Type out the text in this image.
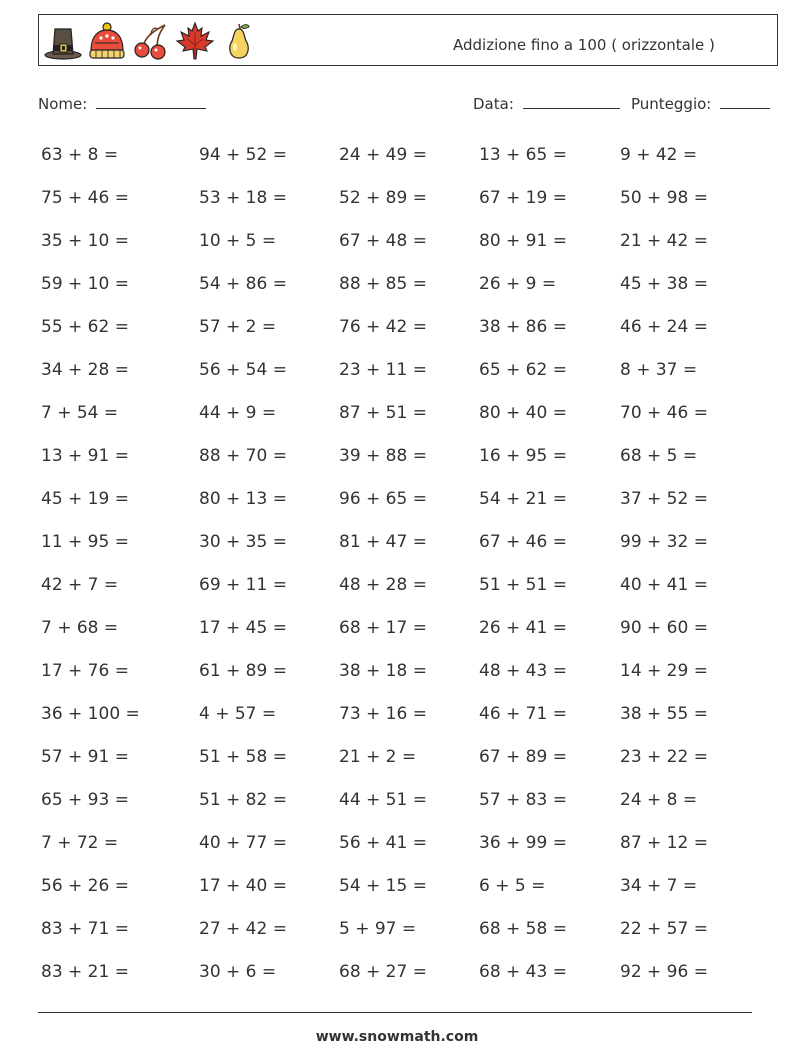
Addizione fino a 100 ( orizzontale )
Nome:	Data:	Punteggio:
63 + 8 =	94 + 52 =	24 + 49 =	13 + 65 =	9 + 42 =
75 + 46 =	53 + 18 =	52 + 89 =	67 + 19 =	50 + 98 =
35 + 10 =	10 + 5 =	67 + 48 =	80 + 91 =	21 + 42 =
59 + 10 =	54 + 86 =	88 + 85 =	26 + 9 =	45 + 38 =
55 + 62 =	57 + 2 =	76 + 42 =	38 + 86 =	46 + 24 =
34 + 28 =	56 + 54 =	23 + 11 =	65 + 62 =	8 + 37 =
7 + 54 =	44 + 9 =	87 + 51 =	80 + 40 =	70 + 46 =
13 + 91 =	88 + 70 =	39 + 88 =	16 + 95 =	68 + 5 =
45 + 19 =	80 + 13 =	96 + 65 =	54 + 21 =	37 + 52 =
11 + 95 =	30 + 35 =	81 + 47 =	67 + 46 =	99 + 32 =
42 + 7 =	69 + 11 =	48 + 28 =	51 + 51 =	40 + 41 =
7 + 68 =	17 + 45 =	68 + 17 =	26 + 41 =	90 + 60 =
17 + 76 =	61 + 89 =	38 + 18 =	48 + 43 =	14 + 29 =
36 + 100 =	4 + 57 =	73 + 16 =	46 + 71 =	38 + 55 =
57 + 91 =	51 + 58 =	21 + 2 =	67 + 89 =	23 + 22 =
65 + 93 =	51 + 82 =	44 + 51 =	57 + 83 =	24 + 8 =
7 + 72 =	40 + 77 =	56 + 41 =	36 + 99 =	87 + 12 =
56 + 26 =	17 + 40 =	54 + 15 =	6 + 5 =	34 + 7 =
83 + 71 =	27 + 42 =	5 + 97 =	68 + 58 =	22 + 57 =
83 + 21 =	30 + 6 =	68 + 27 =	68 + 43 =	92 + 96 =
www.snowmath.com
